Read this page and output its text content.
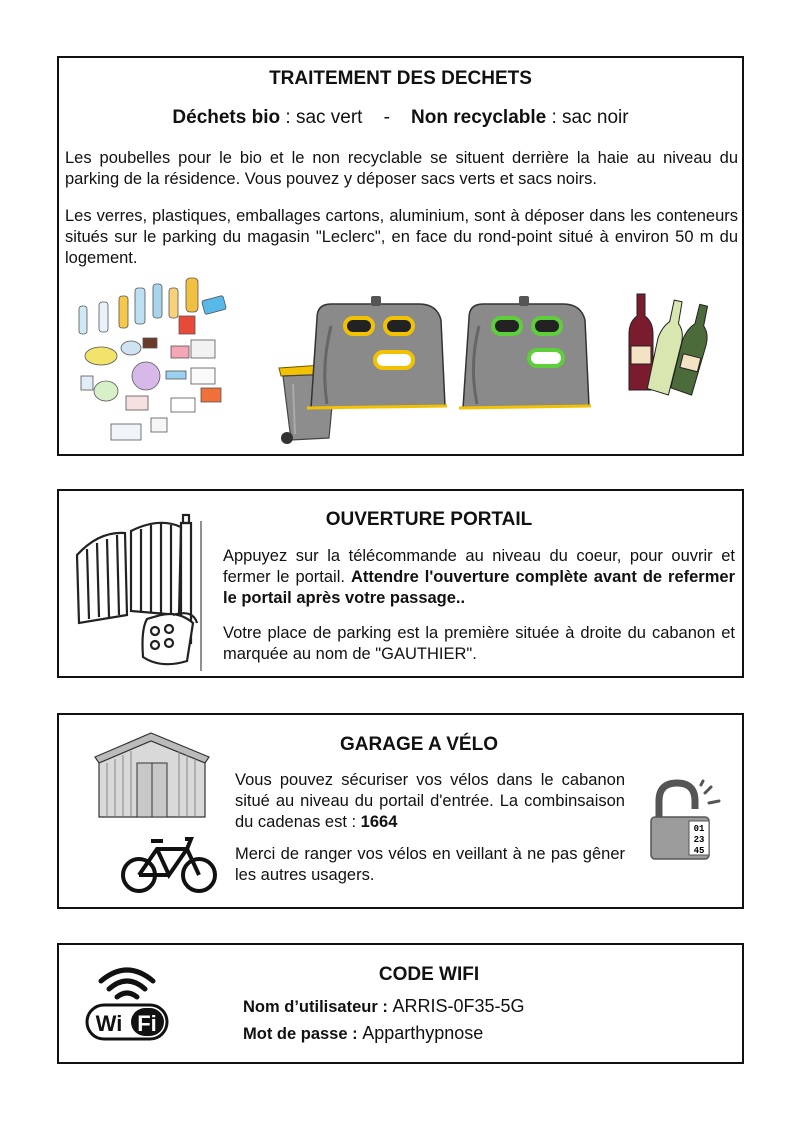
TRAITEMENT DES DECHETS
Déchets bio : sac vert - Non recyclable : sac noir
Les poubelles pour le bio et le non recyclable se situent derrière la haie au niveau du parking de la résidence. Vous pouvez y déposer sacs verts et sacs noirs.
Les verres, plastiques, emballages cartons, aluminium, sont à déposer dans les conteneurs situés sur le parking du magasin "Leclerc", en face du rond-point situé à environ 50 m du logement.
OUVERTURE PORTAIL
Appuyez sur la télécommande au niveau du coeur, pour ouvrir et fermer le portail. Attendre l'ouverture complète avant de refermer le portail après votre passage..
Votre place de parking est la première située à droite du cabanon et marquée au nom de "GAUTHIER".
GARAGE A VÉLO
Vous pouvez sécuriser vos vélos dans le cabanon situé au niveau du portail d'entrée. La combinsaison du cadenas est : 1664
Merci de ranger vos vélos en veillant à ne pas gêner les autres usagers.
01
23
45
Wi Fi
CODE WIFI
Nom d’utilisateur : ARRIS-0F35-5G
Mot de passe : Apparthypnose
